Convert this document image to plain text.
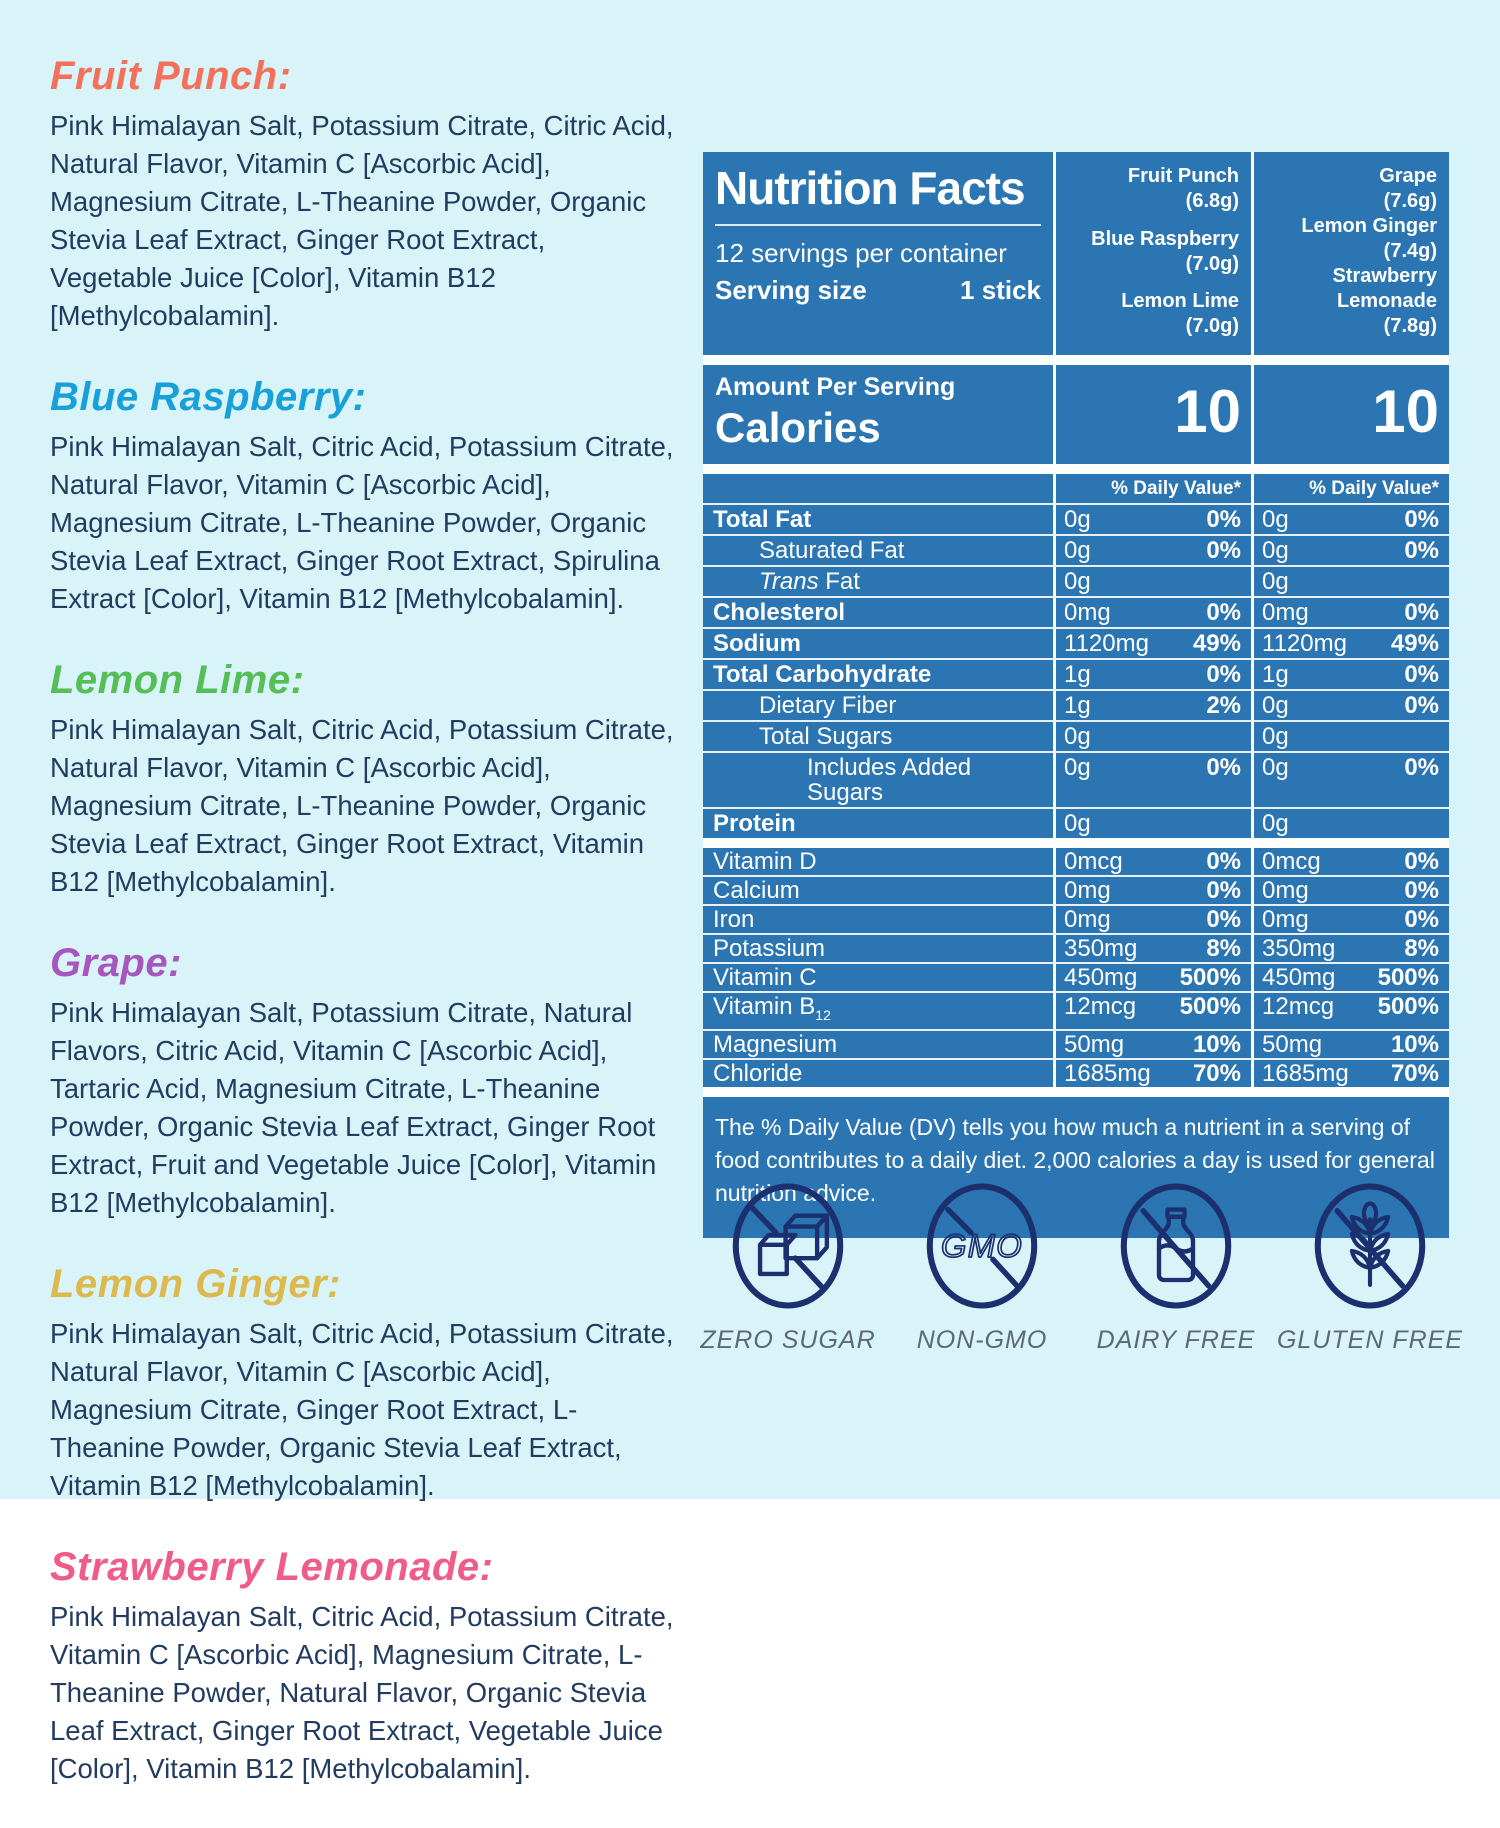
Fruit Punch:

Pink Himalayan Salt, Potassium Citrate, Citric Acid, Natural Flavor, Vitamin C [Ascorbic Acid], Magnesium Citrate, L-Theanine Powder, Organic Stevia Leaf Extract, Ginger Root Extract, Vegetable Juice [Color], Vitamin B12 [Methylcobalamin].

Blue Raspberry:

Pink Himalayan Salt, Citric Acid, Potassium Citrate, Natural Flavor, Vitamin C [Ascorbic Acid], Magnesium Citrate, L-Theanine Powder, Organic Stevia Leaf Extract, Ginger Root Extract, Spirulina Extract [Color], Vitamin B12 [Methylcobalamin].

Lemon Lime:

Pink Himalayan Salt, Citric Acid, Potassium Citrate, Natural Flavor, Vitamin C [Ascorbic Acid], Magnesium Citrate, L-Theanine Powder, Organic Stevia Leaf Extract, Ginger Root Extract, Vitamin B12 [Methylcobalamin].

Grape:

Pink Himalayan Salt, Potassium Citrate, Natural Flavors, Citric Acid, Vitamin C [Ascorbic Acid], Tartaric Acid, Magnesium Citrate, L-Theanine Powder, Organic Stevia Leaf Extract, Ginger Root Extract, Fruit and Vegetable Juice [Color], Vitamin B12 [Methylcobalamin].

Lemon Ginger:

Pink Himalayan Salt, Citric Acid, Potassium Citrate, Natural Flavor, Vitamin C [Ascorbic Acid], Magnesium Citrate, Ginger Root Extract, L-Theanine Powder, Organic Stevia Leaf Extract, Vitamin B12 [Methylcobalamin].

Strawberry Lemonade:

Pink Himalayan Salt, Citric Acid, Potassium Citrate, Vitamin C [Ascorbic Acid], Magnesium Citrate, L-Theanine Powder, Natural Flavor, Organic Stevia Leaf Extract, Ginger Root Extract, Vegetable Juice [Color], Vitamin B12 [Methylcobalamin].

Nutrition Facts
12 servings per container
Serving size	1 stick
Fruit Punch
(6.8g)
Blue Raspberry
(7.0g)
Lemon Lime
(7.0g)
Grape
(7.6g)
Lemon Ginger
(7.4g)
Strawberry Lemonade
(7.8g)
Amount Per Serving
Calories	10	10
% Daily Value*	% Daily Value*
Total Fat	0g	0% 0g	0%
Saturated Fat	0g	0% 0g	0%
Trans Fat	0g	0g
Cholesterol	0mg	0% 0mg	0%
Sodium	1120mg 49% 1120mg 49%
Total Carbohydrate	1g	0% 1g	0%
Dietary Fiber	1g	2% 0g	0%
Total Sugars	0g	0g
Includes Added Sugars
0g	0% 0g	0%
Protein	0g	0g
Vitamin D	0mcg	0% 0mcg	0%
Calcium	0mg	0% 0mg	0%
Iron	0mg	0% 0mg	0%
Potassium	350mg	8% 350mg	8%
Vitamin C	450mg 500% 450mg 500%
Vitamin $B_{12}$	12mcg 500% 12mcg 500%
Magnesium	50mg	10% 50mg	10%
Chloride	1685mg 70% 1685mg 70%
The % Daily Value (DV) tells you how much a nutrient in a serving of food contributes to a daily diet. 2,000 calories a day is used for general nutrition advice.
ZERO SUGAR
GMO
NON-GMO DAIRY FREE GLUTEN FREE
